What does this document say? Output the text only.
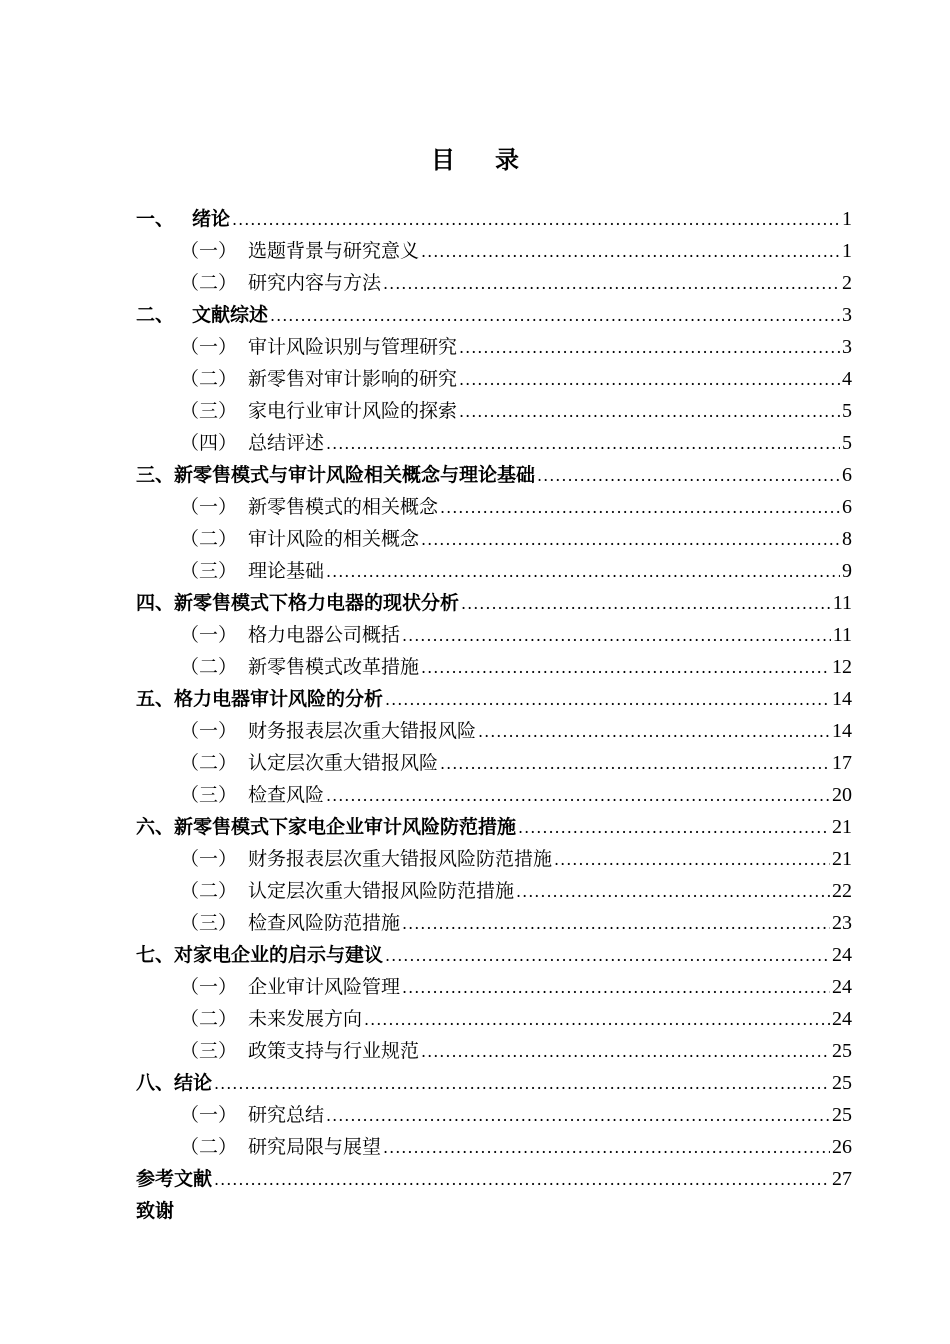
目录
一、 绪论 .....	1
（一） 选题背景与研究意义 .....	1
（二） 研究内容与方法 .....	2
二、 文献综述 .....	3
（一） 审计风险识别与管理研究 .....	3
（二） 新零售对审计影响的研究 .....	4
（三） 家电行业审计风险的探索 .....	5
（四） 总结评述 .....	5
三、新零售模式与审计风险相关概念与理论基础 .....	6
（一） 新零售模式的相关概念 .....	6
（二） 审计风险的相关概念 .....	8
（三） 理论基础 .....	9
四、新零售模式下格力电器的现状分析 .....	11
（一） 格力电器公司概括 .....	11
（二） 新零售模式改革措施 .....	12
五、格力电器审计风险的分析 .....	14
（一） 财务报表层次重大错报风险 .....	14
（二） 认定层次重大错报风险 .....	17
（三） 检查风险 .....	20
六、新零售模式下家电企业审计风险防范措施 .....	21
（一） 财务报表层次重大错报风险防范措施 .....	21
（二） 认定层次重大错报风险防范措施 .....	22
（三） 检查风险防范措施 .....	23
七、对家电企业的启示与建议 .....	24
（一） 企业审计风险管理 .....	24
（二） 未来发展方向 .....	24
（三） 政策支持与行业规范 .....	25
八、结论 .....	25
（一） 研究总结 .....	25
（二） 研究局限与展望 .....	26
参考文献 .....	27
致谢
